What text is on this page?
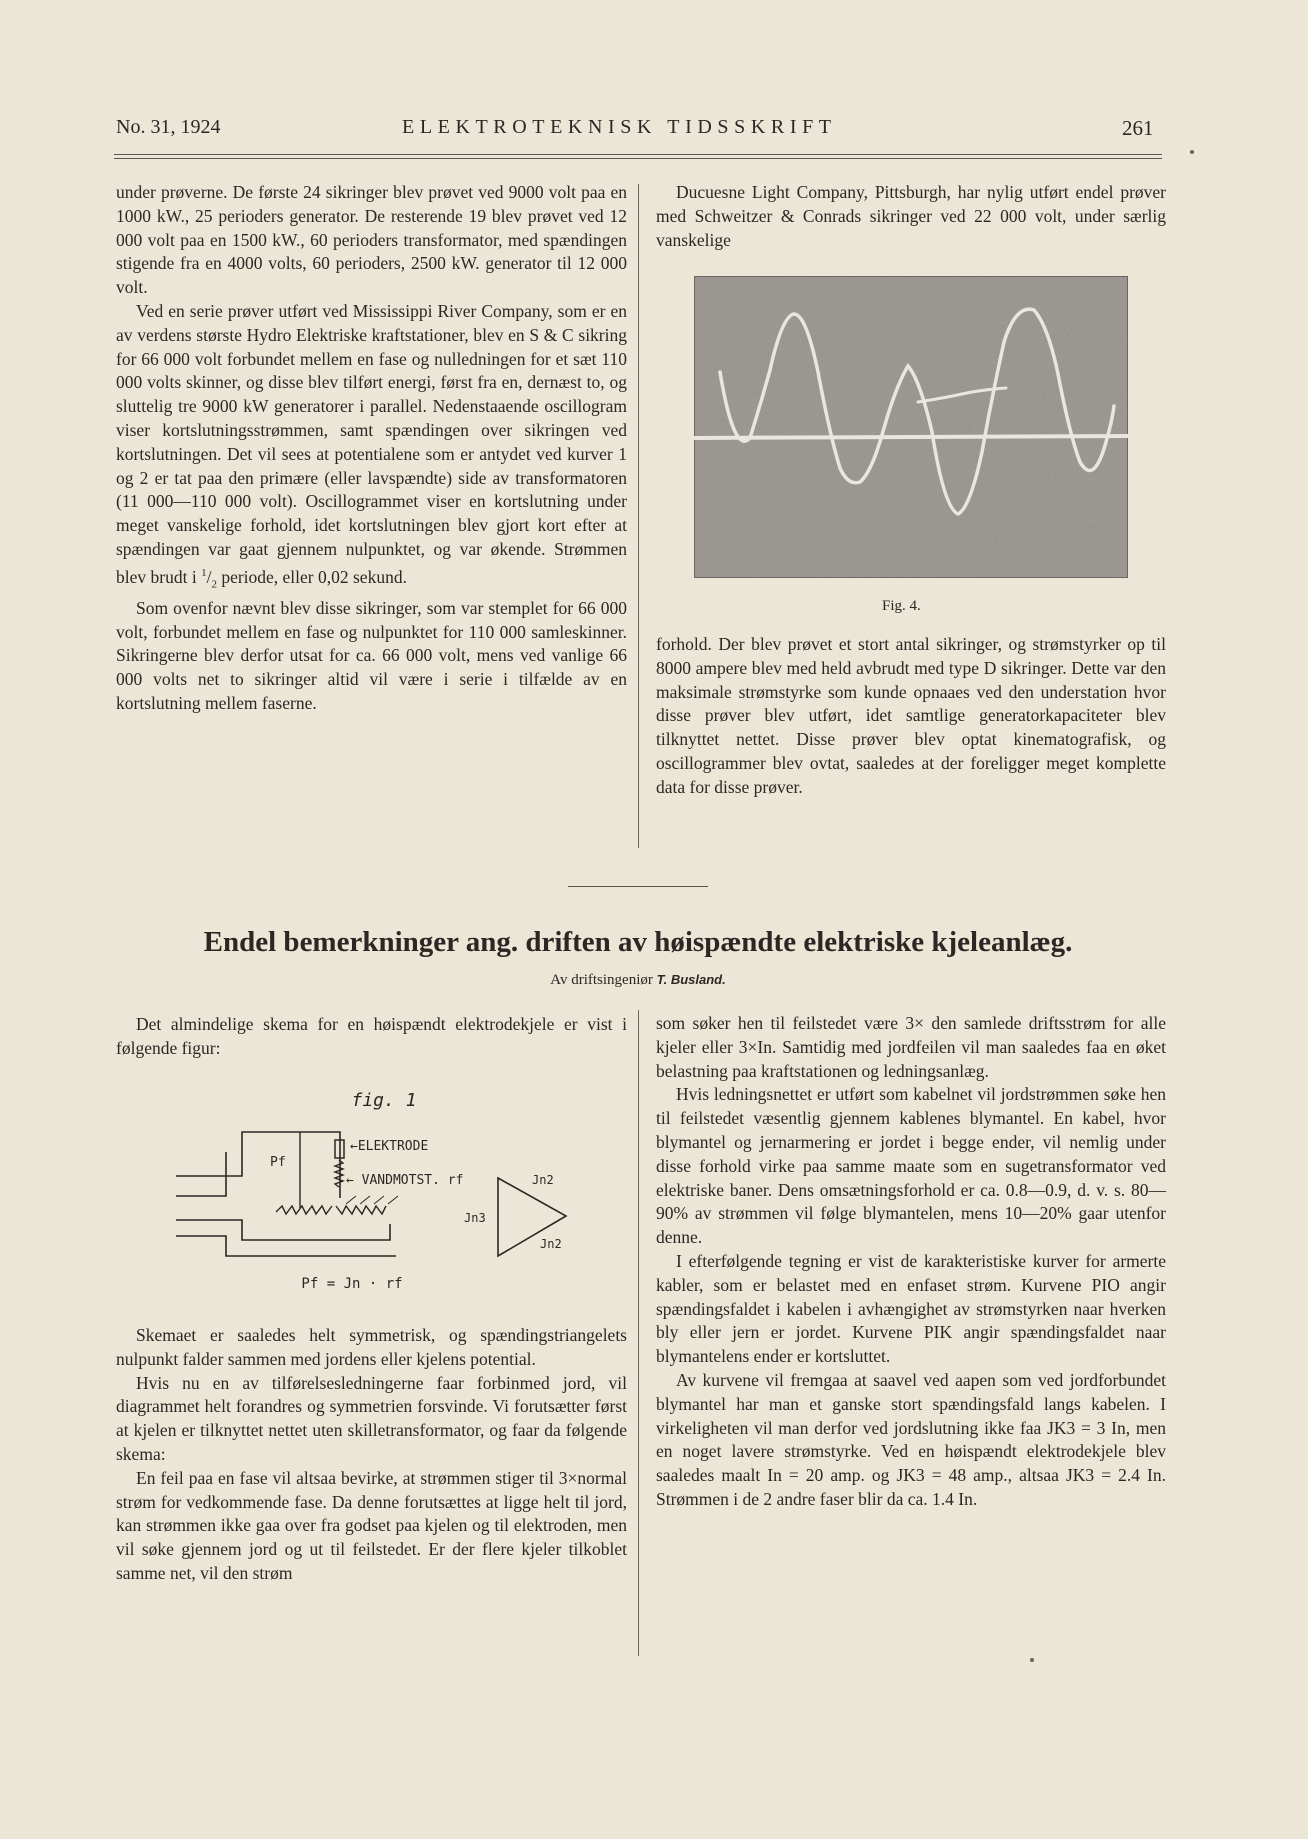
No. 31, 1924	ELEKTROTEKNISK TIDSSKRIFT	261

under prøverne. De første 24 sikringer blev prøvet ved 9000 volt paa en 1000 kW., 25 perioders generator. De resterende 19 blev prøvet ved 12 000 volt paa en 1500 kW., 60 perioders transformator, med spændingen stigende fra en 4000 volts, 60 perioders, 2500 kW. generator til 12 000 volt.

Ved en serie prøver utført ved Mississippi River Company, som er en av verdens største Hydro Elektriske kraftstationer, blev en S & C sikring for 66 000 volt forbundet mellem en fase og nulledningen for et sæt 110 000 volts skinner, og disse blev tilført energi, først fra en, dernæst to, og sluttelig tre 9000 kW generatorer i parallel. Nedenstaaende oscillogram viser kortslutningsstrømmen, samt spændingen over sikringen ved kortslutningen. Det vil sees at potentialene som er antydet ved kurver 1 og 2 er tat paa den primære (eller lavspændte) side av transformatoren (11 000—110 000 volt). Oscillogrammet viser en kortslutning under meget vanskelige forhold, idet kortslutningen blev gjort kort efter at spændingen var gaat gjennem nulpunktet, og var økende. Strømmen blev brudt i $^1/_2$ periode, eller 0,02 sekund.

Som ovenfor nævnt blev disse sikringer, som var stemplet for 66 000 volt, forbundet mellem en fase og nulpunktet for 110 000 samleskinner. Sikringerne blev derfor utsat for ca. 66 000 volt, mens ved vanlige 66 000 volts net to sikringer altid vil være i serie i tilfælde av en kortslutning mellem faserne.

Ducuesne Light Company, Pittsburgh, har nylig utført endel prøver med Schweitzer & Conrads sikringer ved 22 000 volt, under særlig vanskelige

Fig. 4.

forhold. Der blev prøvet et stort antal sikringer, og strømstyrker op til 8000 ampere blev med held avbrudt med type D sikringer. Dette var den maksimale strømstyrke som kunde opnaaes ved den understation hvor disse prøver blev utført, idet samtlige generatorkapaciteter blev tilknyttet nettet. Disse prøver blev optat kinematografisk, og oscillogrammer blev ovtat, saaledes at der foreligger meget komplette data for disse prøver.

Endel bemerkninger ang. driften av høispændte elektriske kjeleanlæg.
Av driftsingeniør T. Busland.

Det almindelige skema for en høispændt elektrodekjele er vist i følgende figur:

fig. 1
←ELEKTRODE
← VANDMOTST. rf
Pf
Jn2
Jn3
Jn2
Pf = Jn · rf

Skemaet er saaledes helt symmetrisk, og spændingstriangelets nulpunkt falder sammen med jordens eller kjelens potential.

Hvis nu en av tilførelsesledningerne faar forbinmed jord, vil diagrammet helt forandres og symmetrien forsvinde. Vi forutsætter først at kjelen er tilknyttet nettet uten skilletransformator, og faar da følgende skema:

En feil paa en fase vil altsaa bevirke, at strømmen stiger til 3×normal strøm for vedkommende fase. Da denne forutsættes at ligge helt til jord, kan strømmen ikke gaa over fra godset paa kjelen og til elektroden, men vil søke gjennem jord og ut til feilstedet. Er der flere kjeler tilkoblet samme net, vil den strøm

som søker hen til feilstedet være 3× den samlede driftsstrøm for alle kjeler eller 3×In. Samtidig med jordfeilen vil man saaledes faa en øket belastning paa kraftstationen og ledningsanlæg.

Hvis ledningsnettet er utført som kabelnet vil jordstrømmen søke hen til feilstedet væsentlig gjennem kablenes blymantel. En kabel, hvor blymantel og jernarmering er jordet i begge ender, vil nemlig under disse forhold virke paa samme maate som en sugetransformator ved elektriske baner. Dens omsætningsforhold er ca. 0.8—0.9, d. v. s. 80—90% av strømmen vil følge blymantelen, mens 10—20% gaar utenfor denne.

I efterfølgende tegning er vist de karakteristiske kurver for armerte kabler, som er belastet med en enfaset strøm. Kurvene PIO angir spændingsfaldet i kabelen i avhængighet av strømstyrken naar hverken bly eller jern er jordet. Kurvene PIK angir spændingsfaldet naar blymantelens ender er kortsluttet.

Av kurvene vil fremgaa at saavel ved aapen som ved jordforbundet blymantel har man et ganske stort spændingsfald langs kabelen. I virkeligheten vil man derfor ved jordslutning ikke faa JK3 = 3 In, men en noget lavere strømstyrke. Ved en høispændt elektrodekjele blev saaledes maalt In = 20 amp. og JK3 = 48 amp., altsaa JK3 = 2.4 In. Strømmen i de 2 andre faser blir da ca. 1.4 In.
